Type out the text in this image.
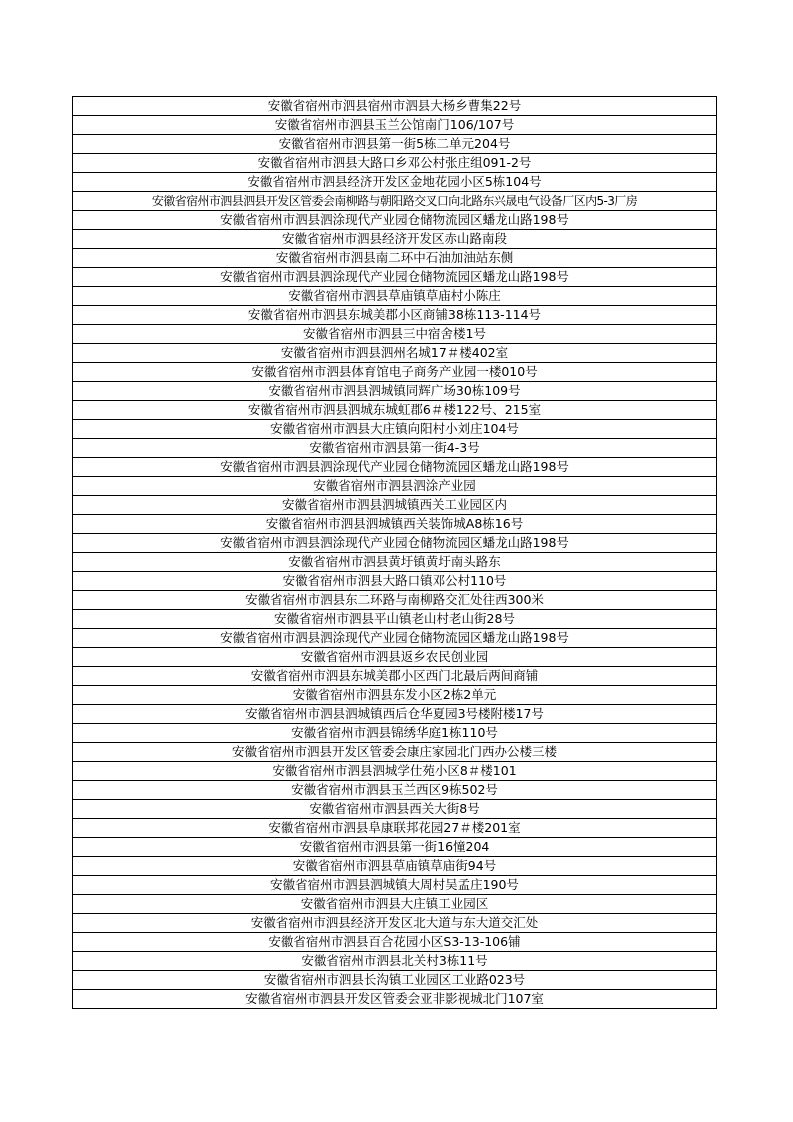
安徽省宿州市泗县宿州市泗县大杨乡曹集22号
安徽省宿州市泗县玉兰公馆南门106/107号
安徽省宿州市泗县第一街5栋二单元204号
安徽省宿州市泗县大路口乡邓公村张庄组091-2号
安徽省宿州市泗县经济开发区金地花园小区5栋104号
安徽省宿州市泗县泗县开发区管委会南柳路与朝阳路交叉口向北路东兴晟电气设备厂区内5-3厂房
安徽省宿州市泗县泗涂现代产业园仓储物流园区蟠龙山路198号
安徽省宿州市泗县经济开发区赤山路南段
安徽省宿州市泗县南二环中石油加油站东侧
安徽省宿州市泗县泗涂现代产业园仓储物流园区蟠龙山路198号
安徽省宿州市泗县草庙镇草庙村小陈庄
安徽省宿州市泗县东城美郡小区商铺38栋113-114号
安徽省宿州市泗县三中宿舍楼1号
安徽省宿州市泗县泗州名城17＃楼402室
安徽省宿州市泗县体育馆电子商务产业园一楼010号
安徽省宿州市泗县泗城镇同辉广场30栋109号
安徽省宿州市泗县泗城东城虹郡6＃楼122号、215室
安徽省宿州市泗县大庄镇向阳村小刘庄104号
安徽省宿州市泗县第一街4-3号
安徽省宿州市泗县泗涂现代产业园仓储物流园区蟠龙山路198号
安徽省宿州市泗县泗涂产业园
安徽省宿州市泗县泗城镇西关工业园区内
安徽省宿州市泗县泗城镇西关装饰城A8栋16号
安徽省宿州市泗县泗涂现代产业园仓储物流园区蟠龙山路198号
安徽省宿州市泗县黄圩镇黄圩南头路东
安徽省宿州市泗县大路口镇邓公村110号
安徽省宿州市泗县东二环路与南柳路交汇处往西300米
安徽省宿州市泗县平山镇老山村老山街28号
安徽省宿州市泗县泗涂现代产业园仓储物流园区蟠龙山路198号
安徽省宿州市泗县返乡农民创业园
安徽省宿州市泗县东城美郡小区西门北最后两间商铺
安徽省宿州市泗县东发小区2栋2单元
安徽省宿州市泗县泗城镇西后仓华夏园3号楼附楼17号
安徽省宿州市泗县锦绣华庭1栋110号
安徽省宿州市泗县开发区管委会康庄家园北门西办公楼三楼
安徽省宿州市泗县泗城学仕苑小区8＃楼101
安徽省宿州市泗县玉兰西区9栋502号
安徽省宿州市泗县西关大街8号
安徽省宿州市泗县阜康联邦花园27＃楼201室
安徽省宿州市泗县第一街16憧204
安徽省宿州市泗县草庙镇草庙街94号
安徽省宿州市泗县泗城镇大周村吴孟庄190号
安徽省宿州市泗县大庄镇工业园区
安徽省宿州市泗县经济开发区北大道与东大道交汇处
安徽省宿州市泗县百合花园小区S3-13-106铺
安徽省宿州市泗县北关村3栋11号
安徽省宿州市泗县长沟镇工业园区工业路023号
安徽省宿州市泗县开发区管委会亚非影视城北门107室
